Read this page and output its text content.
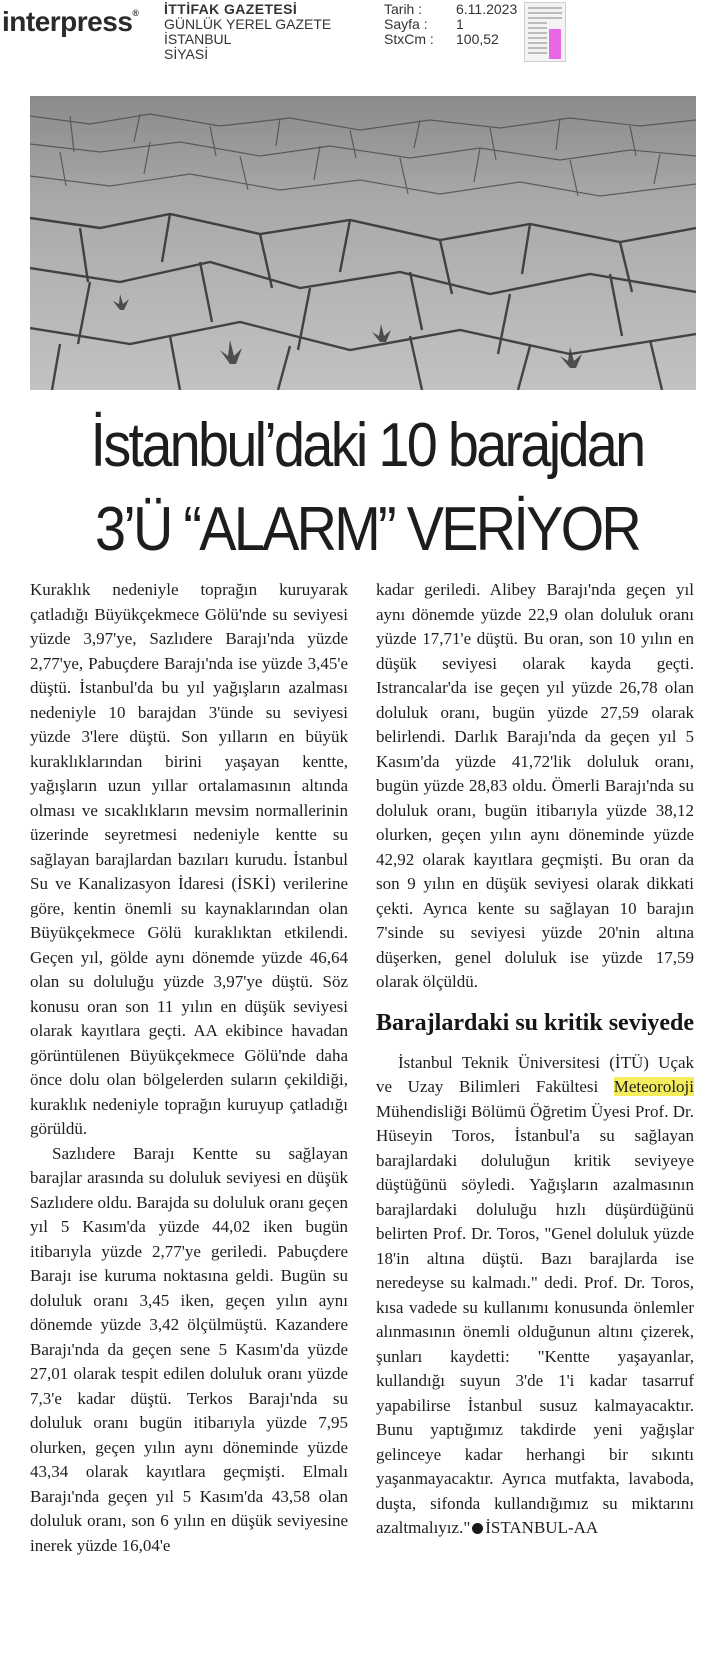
interpress® İTTİFAK GAZETESİ
GÜNLÜK YEREL GAZETE
İSTANBUL
SİYASİ
Tarih :	6.11.2023
Sayfa :	1
StxCm :	100,52
İstanbul’daki 10 barajdan
3’Ü “ALARM” VERİYOR

Kuraklık nedeniyle toprağın kuruyarak çatladığı Büyükçekmece Gölü'nde su seviyesi yüzde 3,97'ye, Sazlıdere Barajı'nda yüzde 2,77'ye, Pabuçdere Barajı'nda ise yüzde 3,45'e düştü. İstanbul'da bu yıl yağışların azalması nedeniyle 10 barajdan 3'ünde su seviyesi yüzde 3'lere düştü. Son yılların en büyük kuraklıklarından birini yaşayan kentte, yağışların uzun yıllar ortalamasının altında olması ve sıcaklıkların mevsim normallerinin üzerinde seyretmesi nedeniyle kentte su sağlayan barajlardan bazıları kurudu. İstanbul Su ve Kanalizasyon İdaresi (İSKİ) verilerine göre, kentin önemli su kaynaklarından olan Büyükçekmece Gölü kuraklıktan etkilendi. Geçen yıl, gölde aynı dönemde yüzde 46,64 olan su doluluğu yüzde 3,97'ye düştü. Söz konusu oran son 11 yılın en düşük seviyesi olarak kayıtlara geçti. AA ekibince havadan görüntülenen Büyükçekmece Gölü'nde daha önce dolu olan bölgelerden suların çekildiği, kuraklık nedeniyle toprağın kuruyup çatladığı görüldü.

Sazlıdere Barajı Kentte su sağlayan barajlar arasında su doluluk seviyesi en düşük Sazlıdere oldu. Barajda su doluluk oranı geçen yıl 5 Kasım'da yüzde 44,02 iken bugün itibarıyla yüzde 2,77'ye geriledi. Pabuçdere Barajı ise kuruma noktasına geldi. Bugün su doluluk oranı 3,45 iken, geçen yılın aynı dönemde yüzde 3,42 ölçülmüştü. Kazandere Barajı'nda da geçen sene 5 Kasım'da yüzde 27,01 olarak tespit edilen doluluk oranı yüzde 7,3'e kadar düştü. Terkos Barajı'nda su doluluk oranı bugün itibarıyla yüzde 7,95 olurken, geçen yılın aynı döneminde yüzde 43,34 olarak kayıtlara geçmişti. Elmalı Barajı'nda geçen yıl 5 Kasım'da 43,58 olan doluluk oranı, son 6 yılın en düşük seviyesine inerek yüzde 16,04'e

kadar geriledi. Alibey Barajı'nda geçen yıl aynı dönemde yüzde 22,9 olan doluluk oranı yüzde 17,71'e düştü. Bu oran, son 10 yılın en düşük seviyesi olarak kayda geçti. Istrancalar'da ise geçen yıl yüzde 26,78 olan doluluk oranı, bugün yüzde 27,59 olarak belirlendi. Darlık Barajı'nda da geçen yıl 5 Kasım'da yüzde 41,72'lik doluluk oranı, bugün yüzde 28,83 oldu. Ömerli Barajı'nda su doluluk oranı, bugün itibarıyla yüzde 38,12 olurken, geçen yılın aynı döneminde yüzde 42,92 olarak kayıtlara geçmişti. Bu oran da son 9 yılın en düşük seviyesi olarak dikkati çekti. Ayrıca kente su sağlayan 10 barajın 7'sinde su seviyesi yüzde 20'nin altına düşerken, genel doluluk ise yüzde 17,59 olarak ölçüldü.

Barajlardaki su kritik seviyede

İstanbul Teknik Üniversitesi (İTÜ) Uçak ve Uzay Bilimleri Fakültesi Meteoroloji Mühendisliği Bölümü Öğretim Üyesi Prof. Dr. Hüseyin Toros, İstanbul'a su sağlayan barajlardaki doluluğun kritik seviyeye düştüğünü söyledi. Yağışların azalmasının barajlardaki doluluğu hızlı düşürdüğünü belirten Prof. Dr. Toros, "Genel doluluk yüzde 18'in altına düştü. Bazı barajlarda ise neredeyse su kalmadı." dedi. Prof. Dr. Toros, kısa vadede su kullanımı konusunda önlemler alınmasının önemli olduğunun altını çizerek, şunları kaydetti: "Kentte yaşayanlar, kullandığı suyun 3'de 1'i kadar tasarruf yapabilirse İstanbul susuz kalmayacaktır. Bunu yaptığımız takdirde yeni yağışlar gelinceye kadar herhangi bir sıkıntı yaşanmayacaktır. Ayrıca mutfakta, lavaboda, duşta, sifonda kullandığımız su miktarını azaltmalıyız." İSTANBUL-AA
